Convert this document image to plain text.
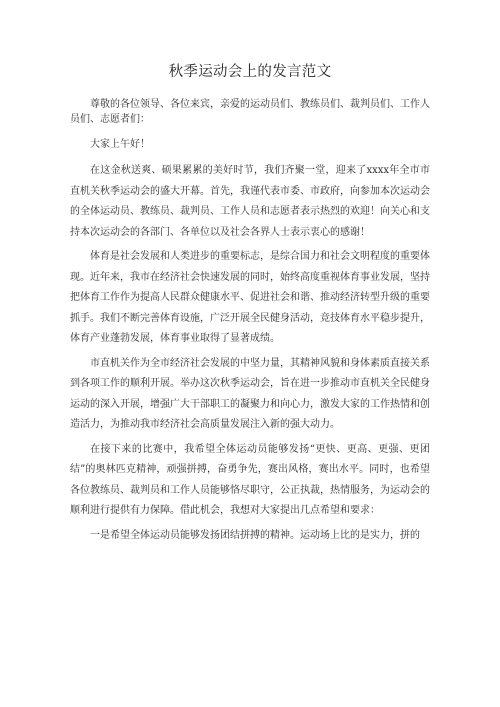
秋季运动会上的发言范文

尊敬的各位领导、各位来宾，亲爱的运动员们、教练员们、裁判员们、工作人员们、志愿者们：

大家上午好！

在这金秋送爽、硕果累累的美好时节，我们齐聚一堂，迎来了xxxx年全市市直机关秋季运动会的盛大开幕。首先，我谨代表市委、市政府，向参加本次运动会的全体运动员、教练员、裁判员、工作人员和志愿者表示热烈的欢迎！向关心和支持本次运动会的各部门、各单位以及社会各界人士表示衷心的感谢！

体育是社会发展和人类进步的重要标志，是综合国力和社会文明程度的重要体现。近年来，我市在经济社会快速发展的同时，始终高度重视体育事业发展，坚持把体育工作作为提高人民群众健康水平、促进社会和谐、推动经济转型升级的重要抓手。我们不断完善体育设施，广泛开展全民健身活动，竞技体育水平稳步提升，体育产业蓬勃发展，体育事业取得了显著成绩。

市直机关作为全市经济社会发展的中坚力量，其精神风貌和身体素质直接关系到各项工作的顺利开展。举办这次秋季运动会，旨在进一步推动市直机关全民健身运动的深入开展，增强广大干部职工的凝聚力和向心力，激发大家的工作热情和创造活力，为推动我市经济社会高质量发展注入新的强大动力。

在接下来的比赛中，我希望全体运动员能够发扬“更快、更高、更强、更团结”的奥林匹克精神，顽强拼搏，奋勇争先，赛出风格，赛出水平。同时，也希望各位教练员、裁判员和工作人员能够恪尽职守，公正执裁，热情服务，为运动会的顺利进行提供有力保障。借此机会，我想对大家提出几点希望和要求：

一是希望全体运动员能够发扬团结拼搏的精神。运动场上比的是实力，拼的
